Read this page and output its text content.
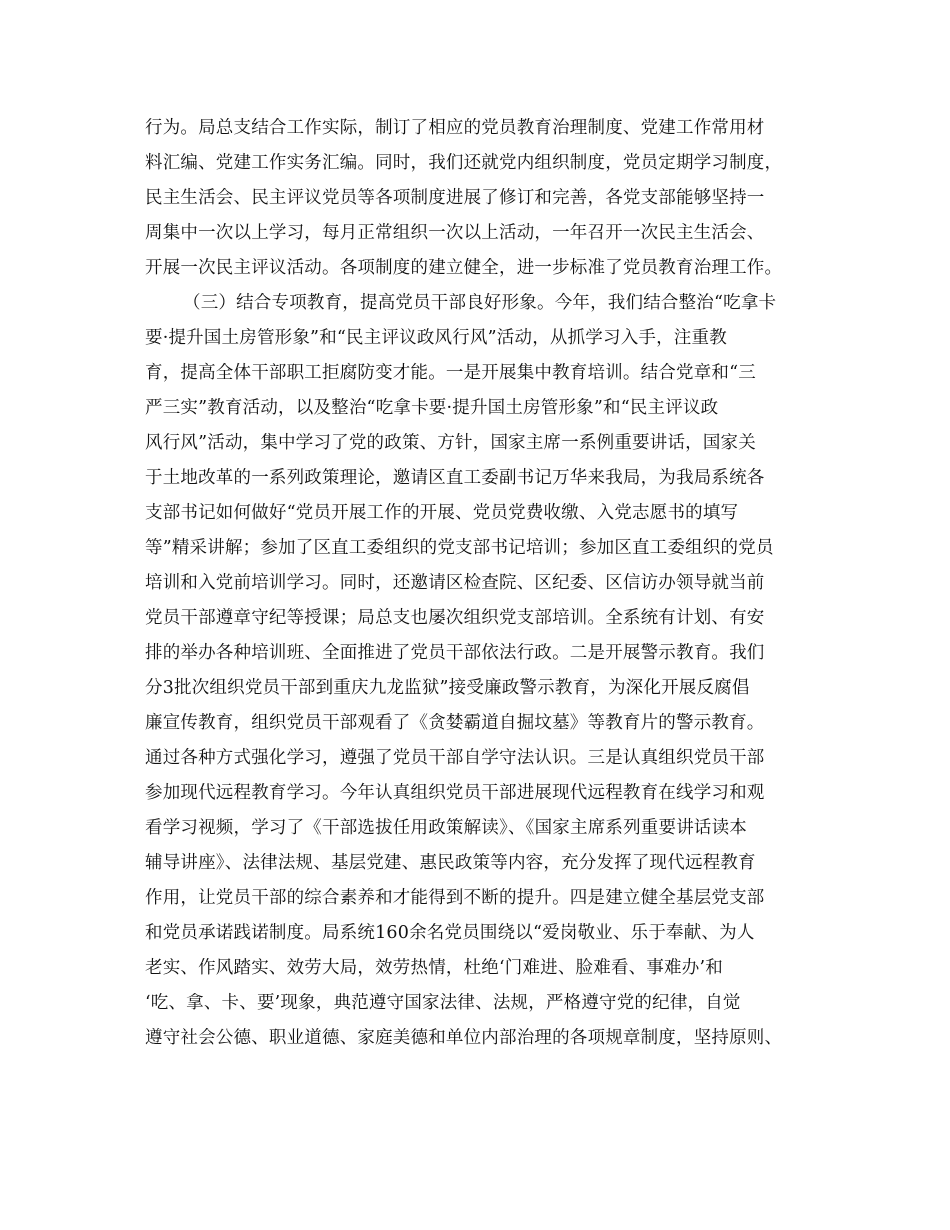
行为。局总支结合工作实际，制订了相应的党员教育治理制度、党建工作常用材
料汇编、党建工作实务汇编。同时，我们还就党内组织制度，党员定期学习制度，
民主生活会、民主评议党员等各项制度进展了修订和完善，各党支部能够坚持一
周集中一次以上学习，每月正常组织一次以上活动，一年召开一次民主生活会、
开展一次民主评议活动。各项制度的建立健全，进一步标准了党员教育治理工作。
（三）结合专项教育，提高党员干部良好形象。今年，我们结合整治“吃拿卡
要·提升国土房管形象”和“民主评议政风行风”活动，从抓学习入手，注重教
育，提高全体干部职工拒腐防变才能。一是开展集中教育培训。结合党章和“三
严三实”教育活动，以及整治“吃拿卡要·提升国土房管形象”和“民主评议政
风行风”活动，集中学习了党的政策、方针，国家主席一系例重要讲话，国家关
于土地改革的一系列政策理论，邀请区直工委副书记万华来我局，为我局系统各
支部书记如何做好“党员开展工作的开展、党员党费收缴、入党志愿书的填写
等”精采讲解；参加了区直工委组织的党支部书记培训；参加区直工委组织的党员
培训和入党前培训学习。同时，还邀请区检查院、区纪委、区信访办领导就当前
党员干部遵章守纪等授课；局总支也屡次组织党支部培训。全系统有计划、有安
排的举办各种培训班、全面推进了党员干部依法行政。二是开展警示教育。我们
分3批次组织党员干部到重庆九龙监狱”接受廉政警示教育，为深化开展反腐倡
廉宣传教育，组织党员干部观看了《贪婪霸道自掘坟墓》等教育片的警示教育。
通过各种方式强化学习，遵强了党员干部自学守法认识。三是认真组织党员干部
参加现代远程教育学习。今年认真组织党员干部进展现代远程教育在线学习和观
看学习视频，学习了《干部选拔任用政策解读》、《国家主席系列重要讲话读本
辅导讲座》、法律法规、基层党建、惠民政策等内容，充分发挥了现代远程教育
作用，让党员干部的综合素养和才能得到不断的提升。四是建立健全基层党支部
和党员承诺践诺制度。局系统160余名党员围绕以“爱岗敬业、乐于奉献、为人
老实、作风踏实、效劳大局，效劳热情，杜绝‘门难进、脸难看、事难办’和
‘吃、拿、卡、要’现象，典范遵守国家法律、法规，严格遵守党的纪律，自觉
遵守社会公德、职业道德、家庭美德和单位内部治理的各项规章制度，坚持原则、
